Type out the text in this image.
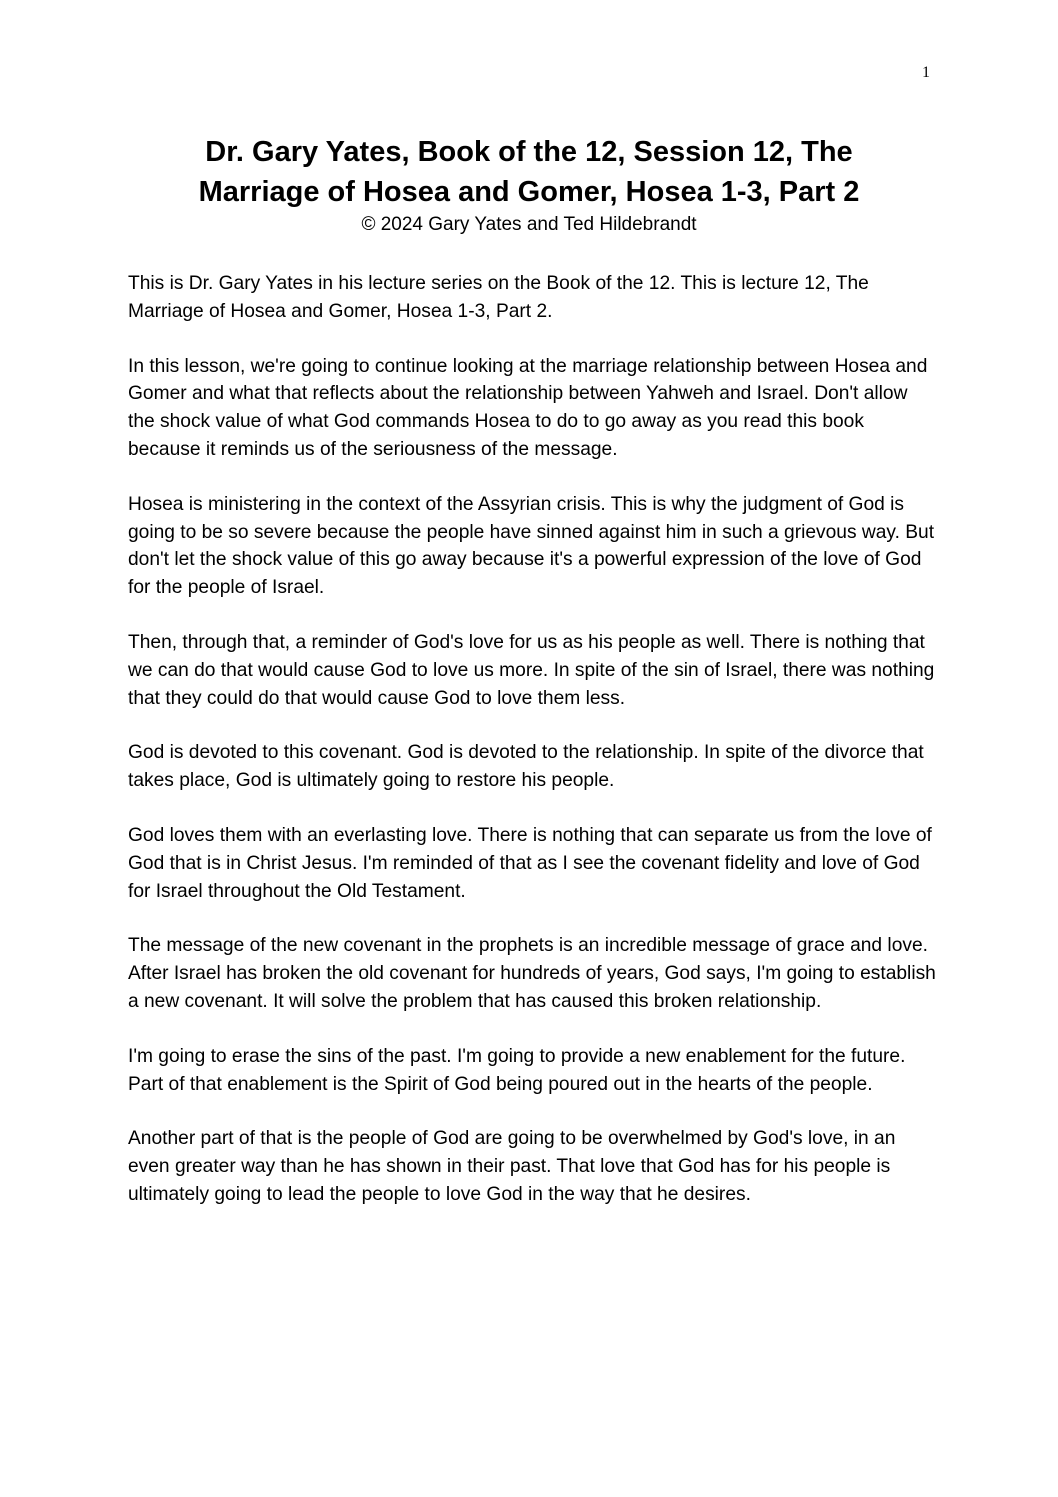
1
Dr. Gary Yates, Book of the 12, Session 12, The
Marriage of Hosea and Gomer, Hosea 1-3, Part 2

© 2024 Gary Yates and Ted Hildebrandt

This is Dr. Gary Yates in his lecture series on the Book of the 12. This is lecture 12, The Marriage of Hosea and Gomer, Hosea 1-3, Part 2.

In this lesson, we're going to continue looking at the marriage relationship between Hosea and Gomer and what that reflects about the relationship between Yahweh and Israel. Don't allow the shock value of what God commands Hosea to do to go away as you read this book because it reminds us of the seriousness of the message.

Hosea is ministering in the context of the Assyrian crisis. This is why the judgment of God is going to be so severe because the people have sinned against him in such a grievous way. But don't let the shock value of this go away because it's a powerful expression of the love of God for the people of Israel.

Then, through that, a reminder of God's love for us as his people as well. There is nothing that we can do that would cause God to love us more. In spite of the sin of Israel, there was nothing that they could do that would cause God to love them less.

God is devoted to this covenant. God is devoted to the relationship. In spite of the divorce that takes place, God is ultimately going to restore his people.

God loves them with an everlasting love. There is nothing that can separate us from the love of God that is in Christ Jesus. I'm reminded of that as I see the covenant fidelity and love of God for Israel throughout the Old Testament.

The message of the new covenant in the prophets is an incredible message of grace and love. After Israel has broken the old covenant for hundreds of years, God says, I'm going to establish a new covenant. It will solve the problem that has caused this broken relationship.

I'm going to erase the sins of the past. I'm going to provide a new enablement for the future. Part of that enablement is the Spirit of God being poured out in the hearts of the people.

Another part of that is the people of God are going to be overwhelmed by God's love, in an even greater way than he has shown in their past. That love that God has for his people is ultimately going to lead the people to love God in the way that he desires.
